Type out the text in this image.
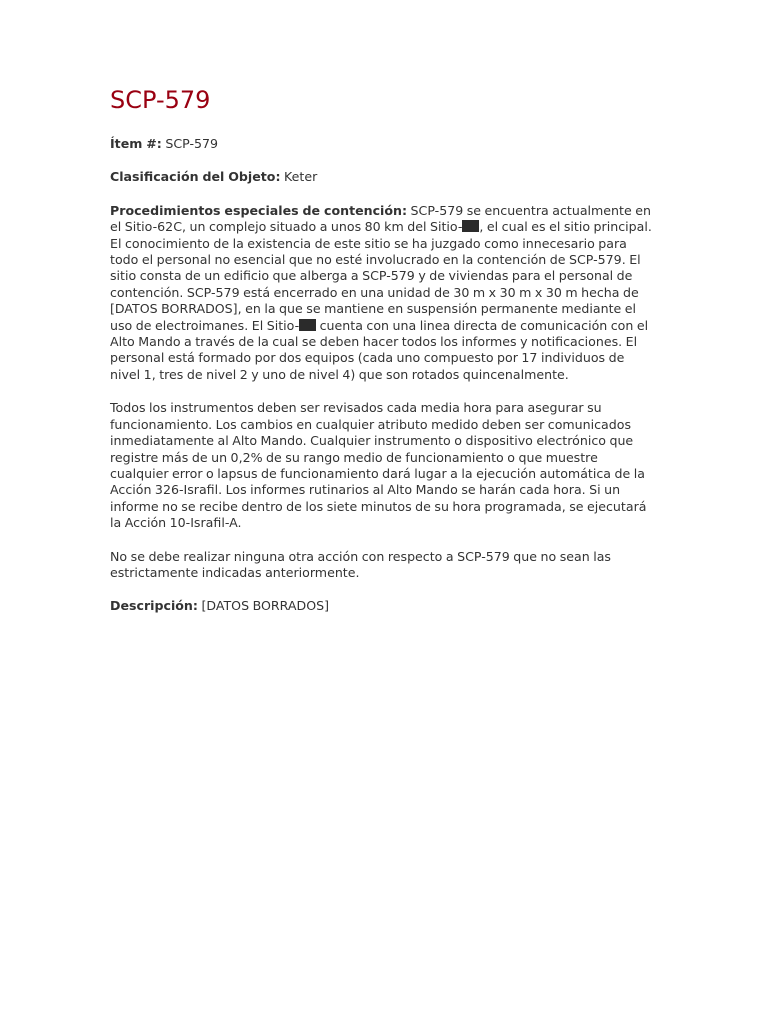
SCP-579

Ítem #: SCP-579

Clasificación del Objeto: Keter

Procedimientos especiales de contención: SCP-579 se encuentra actualmente en el Sitio-62C, un complejo situado a unos 80 km del Sitio- , el cual es el sitio principal. El conocimiento de la existencia de este sitio se ha juzgado como innecesario para todo el personal no esencial que no esté involucrado en la contención de SCP-579. El sitio consta de un edificio que alberga a SCP-579 y de viviendas para el personal de contención. SCP-579 está encerrado en una unidad de 30 m x 30 m x 30 m hecha de [DATOS BORRADOS], en la que se mantiene en suspensión permanente mediante el uso de electroimanes. El Sitio- cuenta con una linea directa de comunicación con el Alto Mando a través de la cual se deben hacer todos los informes y notificaciones. El personal está formado por dos equipos (cada uno compuesto por 17 individuos de nivel 1, tres de nivel 2 y uno de nivel 4) que son rotados quincenalmente.

Todos los instrumentos deben ser revisados cada media hora para asegurar su funcionamiento. Los cambios en cualquier atributo medido deben ser comunicados inmediatamente al Alto Mando. Cualquier instrumento o dispositivo electrónico que registre más de un 0,2% de su rango medio de funcionamiento o que muestre cualquier error o lapsus de funcionamiento dará lugar a la ejecución automática de la Acción 326-Israfil. Los informes rutinarios al Alto Mando se harán cada hora. Si un informe no se recibe dentro de los siete minutos de su hora programada, se ejecutará la Acción 10-Israfil-A.

No se debe realizar ninguna otra acción con respecto a SCP-579 que no sean las estrictamente indicadas anteriormente.

Descripción: [DATOS BORRADOS]
